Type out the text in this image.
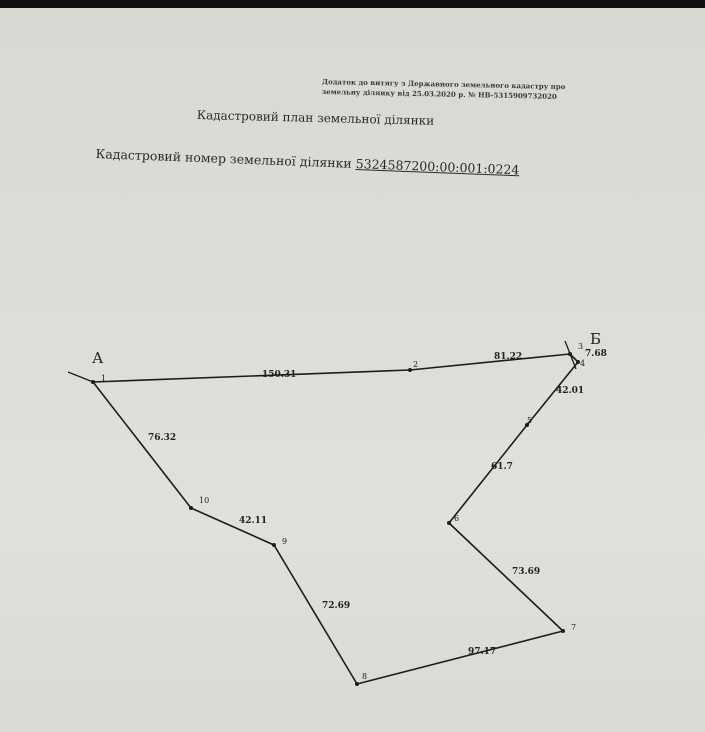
Додаток до витягу з Державного земельного кадастру про
земельну ділянку від 25.03.2020 р. № НВ-5315909732020
Кадастровий план земельної ділянки
Кадастровий номер земельної ділянки 5324587200:00:001:0224
1
2
3
4
5
6
7
8
9
10
150.31
81.22	7.68
42.01
61.7
73.69
97.17
72.69
42.11
76.32
А
Б
